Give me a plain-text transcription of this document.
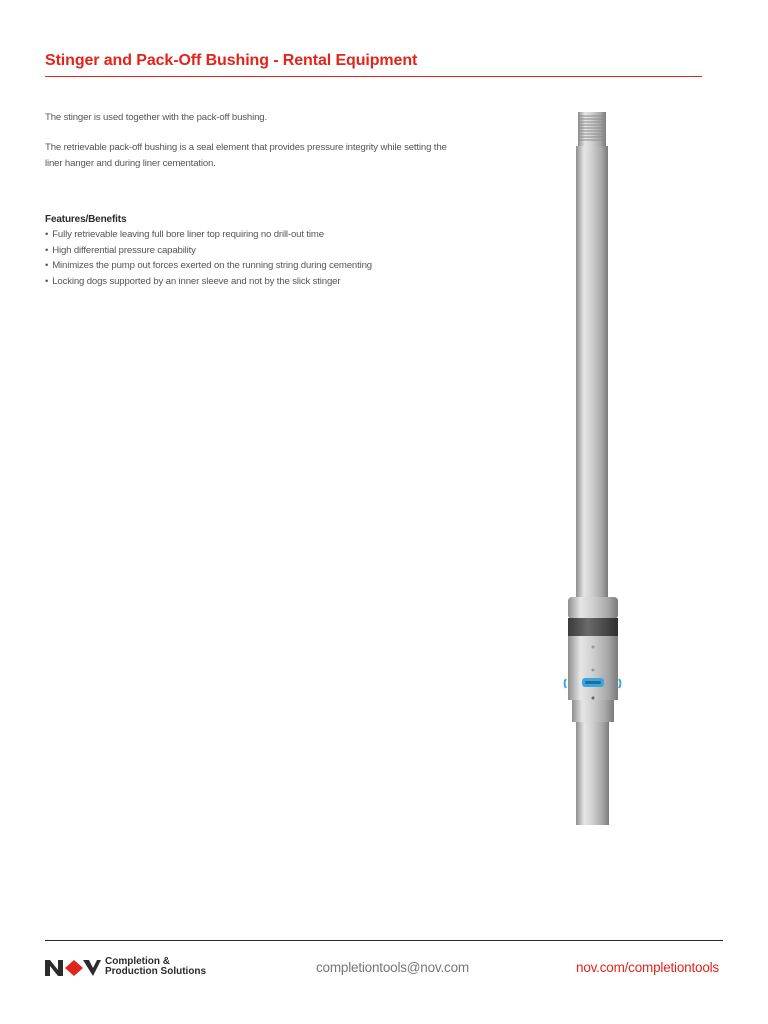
Stinger and Pack-Off Bushing - Rental Equipment

The stinger is used together with the pack-off bushing.

The retrievable pack-off bushing is a seal element that provides pressure integrity while setting the liner hanger and during liner cementation.

Features/Benefits
• Fully retrievable leaving full bore liner top requiring no drill-out time
• High differential pressure capability
• Minimizes the pump out forces exerted on the running string during cementing
• Locking dogs supported by an inner sleeve and not by the slick stinger
Completion &
Production Solutions	completiontools@nov.com	nov.com/completiontools
